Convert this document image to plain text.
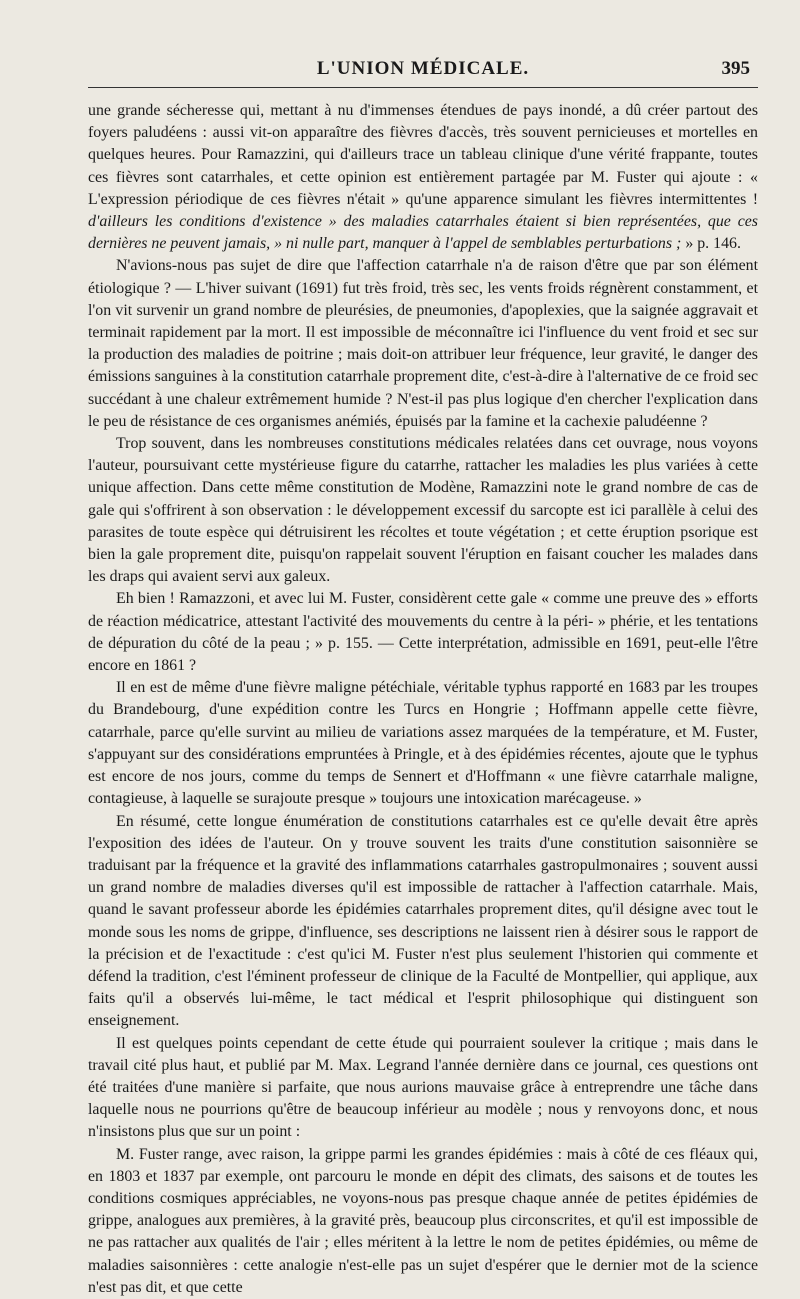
L'UNION MÉDICALE.	395

une grande sécheresse qui, mettant à nu d'immenses étendues de pays inondé, a dû créer partout des foyers paludéens : aussi vit-on apparaître des fièvres d'accès, très souvent pernicieuses et mortelles en quelques heures. Pour Ramazzini, qui d'ailleurs trace un tableau clinique d'une vérité frappante, toutes ces fièvres sont catarrhales, et cette opinion est entièrement partagée par M. Fuster qui ajoute : « L'expression périodique de ces fièvres n'était » qu'une apparence simulant les fièvres intermittentes ! d'ailleurs les conditions d'existence » des maladies catarrhales étaient si bien représentées, que ces dernières ne peuvent jamais, » ni nulle part, manquer à l'appel de semblables perturbations ; » p. 146.

N'avions-nous pas sujet de dire que l'affection catarrhale n'a de raison d'être que par son élément étiologique ? — L'hiver suivant (1691) fut très froid, très sec, les vents froids régnèrent constamment, et l'on vit survenir un grand nombre de pleurésies, de pneumonies, d'apoplexies, que la saignée aggravait et terminait rapidement par la mort. Il est impossible de méconnaître ici l'influence du vent froid et sec sur la production des maladies de poitrine ; mais doit-on attribuer leur fréquence, leur gravité, le danger des émissions sanguines à la constitution catarrhale proprement dite, c'est-à-dire à l'alternative de ce froid sec succédant à une chaleur extrêmement humide ? N'est-il pas plus logique d'en chercher l'explication dans le peu de résistance de ces organismes anémiés, épuisés par la famine et la cachexie paludéenne ?

Trop souvent, dans les nombreuses constitutions médicales relatées dans cet ouvrage, nous voyons l'auteur, poursuivant cette mystérieuse figure du catarrhe, rattacher les maladies les plus variées à cette unique affection. Dans cette même constitution de Modène, Ramazzini note le grand nombre de cas de gale qui s'offrirent à son observation : le développement excessif du sarcopte est ici parallèle à celui des parasites de toute espèce qui détruisirent les récoltes et toute végétation ; et cette éruption psorique est bien la gale proprement dite, puisqu'on rappelait souvent l'éruption en faisant coucher les malades dans les draps qui avaient servi aux galeux.

Eh bien ! Ramazzoni, et avec lui M. Fuster, considèrent cette gale « comme une preuve des » efforts de réaction médicatrice, attestant l'activité des mouvements du centre à la péri- » phérie, et les tentations de dépuration du côté de la peau ; » p. 155. — Cette interprétation, admissible en 1691, peut-elle l'être encore en 1861 ?

Il en est de même d'une fièvre maligne pétéchiale, véritable typhus rapporté en 1683 par les troupes du Brandebourg, d'une expédition contre les Turcs en Hongrie ; Hoffmann appelle cette fièvre, catarrhale, parce qu'elle survint au milieu de variations assez marquées de la température, et M. Fuster, s'appuyant sur des considérations empruntées à Pringle, et à des épidémies récentes, ajoute que le typhus est encore de nos jours, comme du temps de Sennert et d'Hoffmann « une fièvre catarrhale maligne, contagieuse, à laquelle se surajoute presque » toujours une intoxication marécageuse. »

En résumé, cette longue énumération de constitutions catarrhales est ce qu'elle devait être après l'exposition des idées de l'auteur. On y trouve souvent les traits d'une constitution saisonnière se traduisant par la fréquence et la gravité des inflammations catarrhales gastropulmonaires ; souvent aussi un grand nombre de maladies diverses qu'il est impossible de rattacher à l'affection catarrhale. Mais, quand le savant professeur aborde les épidémies catarrhales proprement dites, qu'il désigne avec tout le monde sous les noms de grippe, d'influence, ses descriptions ne laissent rien à désirer sous le rapport de la précision et de l'exactitude : c'est qu'ici M. Fuster n'est plus seulement l'historien qui commente et défend la tradition, c'est l'éminent professeur de clinique de la Faculté de Montpellier, qui applique, aux faits qu'il a observés lui-même, le tact médical et l'esprit philosophique qui distinguent son enseignement.

Il est quelques points cependant de cette étude qui pourraient soulever la critique ; mais dans le travail cité plus haut, et publié par M. Max. Legrand l'année dernière dans ce journal, ces questions ont été traitées d'une manière si parfaite, que nous aurions mauvaise grâce à entreprendre une tâche dans laquelle nous ne pourrions qu'être de beaucoup inférieur au modèle ; nous y renvoyons donc, et nous n'insistons plus que sur un point :

M. Fuster range, avec raison, la grippe parmi les grandes épidémies : mais à côté de ces fléaux qui, en 1803 et 1837 par exemple, ont parcouru le monde en dépit des climats, des saisons et de toutes les conditions cosmiques appréciables, ne voyons-nous pas presque chaque année de petites épidémies de grippe, analogues aux premières, à la gravité près, beaucoup plus circonscrites, et qu'il est impossible de ne pas rattacher aux qualités de l'air ; elles méritent à la lettre le nom de petites épidémies, ou même de maladies saisonnières : cette analogie n'est-elle pas un sujet d'espérer que le dernier mot de la science n'est pas dit, et que cette
